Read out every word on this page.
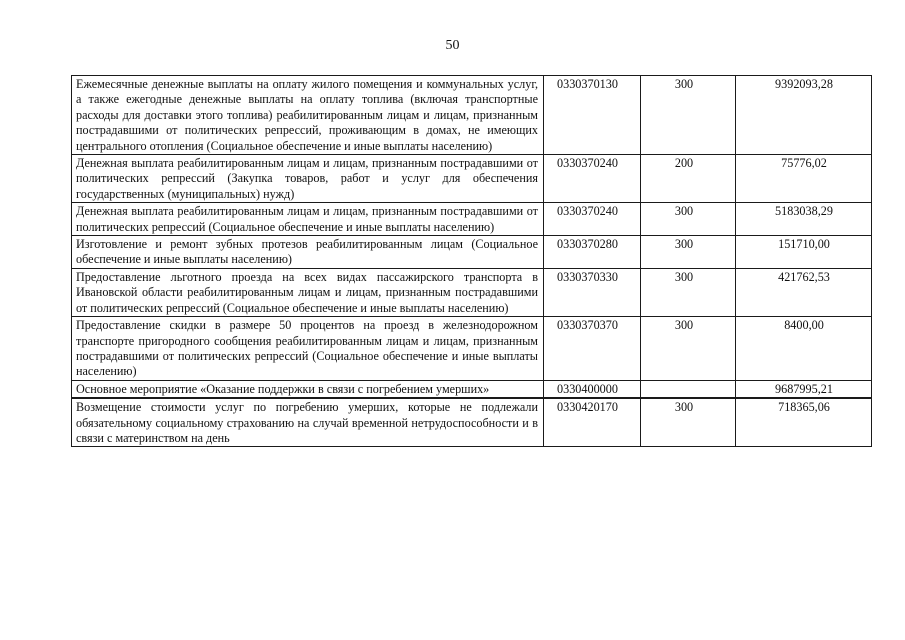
50
Ежемесячные денежные выплаты на оплату жилого помещения и коммунальных услуг, а также ежегодные денежные выплаты на оплату топлива (включая транспортные расходы для доставки этого топлива) реабилитированным лицам и лицам, признанным пострадавшими от политических репрессий, проживающим в домах, не имеющих центрального отопления (Социальное обеспечение и иные выплаты населению)	0330370130	300	9392093,28
Денежная выплата реабилитированным лицам и лицам, признанным пострадавшими от политических репрессий (Закупка товаров, работ и услуг для обеспечения государственных (муниципальных) нужд)	0330370240	200	75776,02
Денежная выплата реабилитированным лицам и лицам, признанным пострадавшими от политических репрессий (Социальное обеспечение и иные выплаты населению)	0330370240	300	5183038,29
Изготовление и ремонт зубных протезов реабилитированным лицам (Социальное обеспечение и иные выплаты населению)	0330370280	300	151710,00
Предоставление льготного проезда на всех видах пассажирского транспорта в Ивановской области реабилитированным лицам и лицам, признанным пострадавшими от политических репрессий (Социальное обеспечение и иные выплаты населению)	0330370330	300	421762,53
Предоставление скидки в размере 50 процентов на проезд в железнодорожном транспорте пригородного сообщения реабилитированным лицам и лицам, признанным пострадавшими от политических репрессий (Социальное обеспечение и иные выплаты населению)	0330370370	300	8400,00
Основное мероприятие «Оказание поддержки в связи с погребением умерших»	0330400000		9687995,21
Возмещение стоимости услуг по погребению умерших, которые не подлежали обязательному социальному страхованию на случай временной нетрудоспособности и в связи с материнством на день	0330420170	300	718365,06
